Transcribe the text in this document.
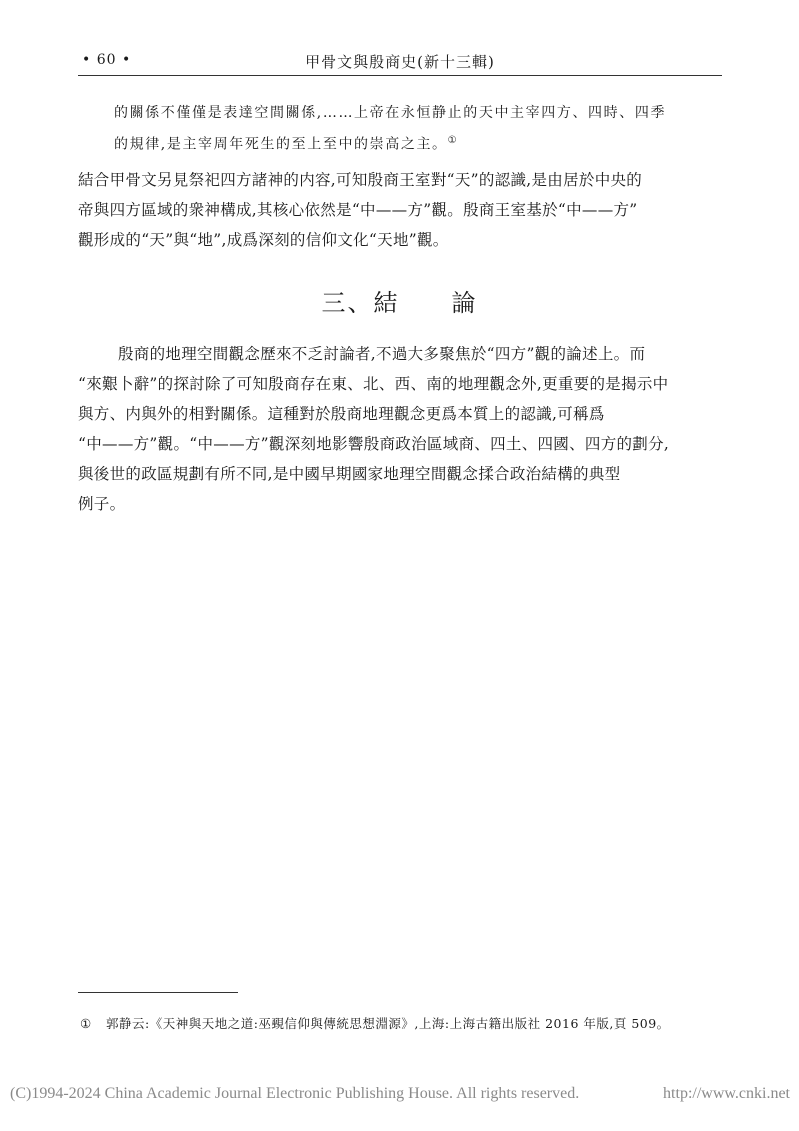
• 60 •	甲骨文與殷商史(新十三輯)
的關係不僅僅是表達空間關係,……上帝在永恒静止的天中主宰四方、四時、四季
的規律,是主宰周年死生的至上至中的崇高之主。①
結合甲骨文另見祭祀四方諸神的内容,可知殷商王室對“天”的認識,是由居於中央的
帝與四方區域的衆神構成,其核心依然是“中——方”觀。殷商王室基於“中——方”
觀形成的“天”與“地”,成爲深刻的信仰文化“天地”觀。
三、結　　論
殷商的地理空間觀念歷來不乏討論者,不過大多聚焦於“四方”觀的論述上。而
“來艱卜辭”的探討除了可知殷商存在東、北、西、南的地理觀念外,更重要的是揭示中
與方、内與外的相對關係。這種對於殷商地理觀念更爲本質上的認識,可稱爲
“中——方”觀。“中——方”觀深刻地影響殷商政治區域商、四土、四國、四方的劃分,
與後世的政區規劃有所不同,是中國早期國家地理空間觀念揉合政治結構的典型
例子。
① 郭静云:《天神與天地之道:巫覡信仰與傳統思想淵源》,上海:上海古籍出版社 2016 年版,頁 509。
(C)1994-2024 China Academic Journal Electronic Publishing House. All rights reserved.	http://www.cnki.net
